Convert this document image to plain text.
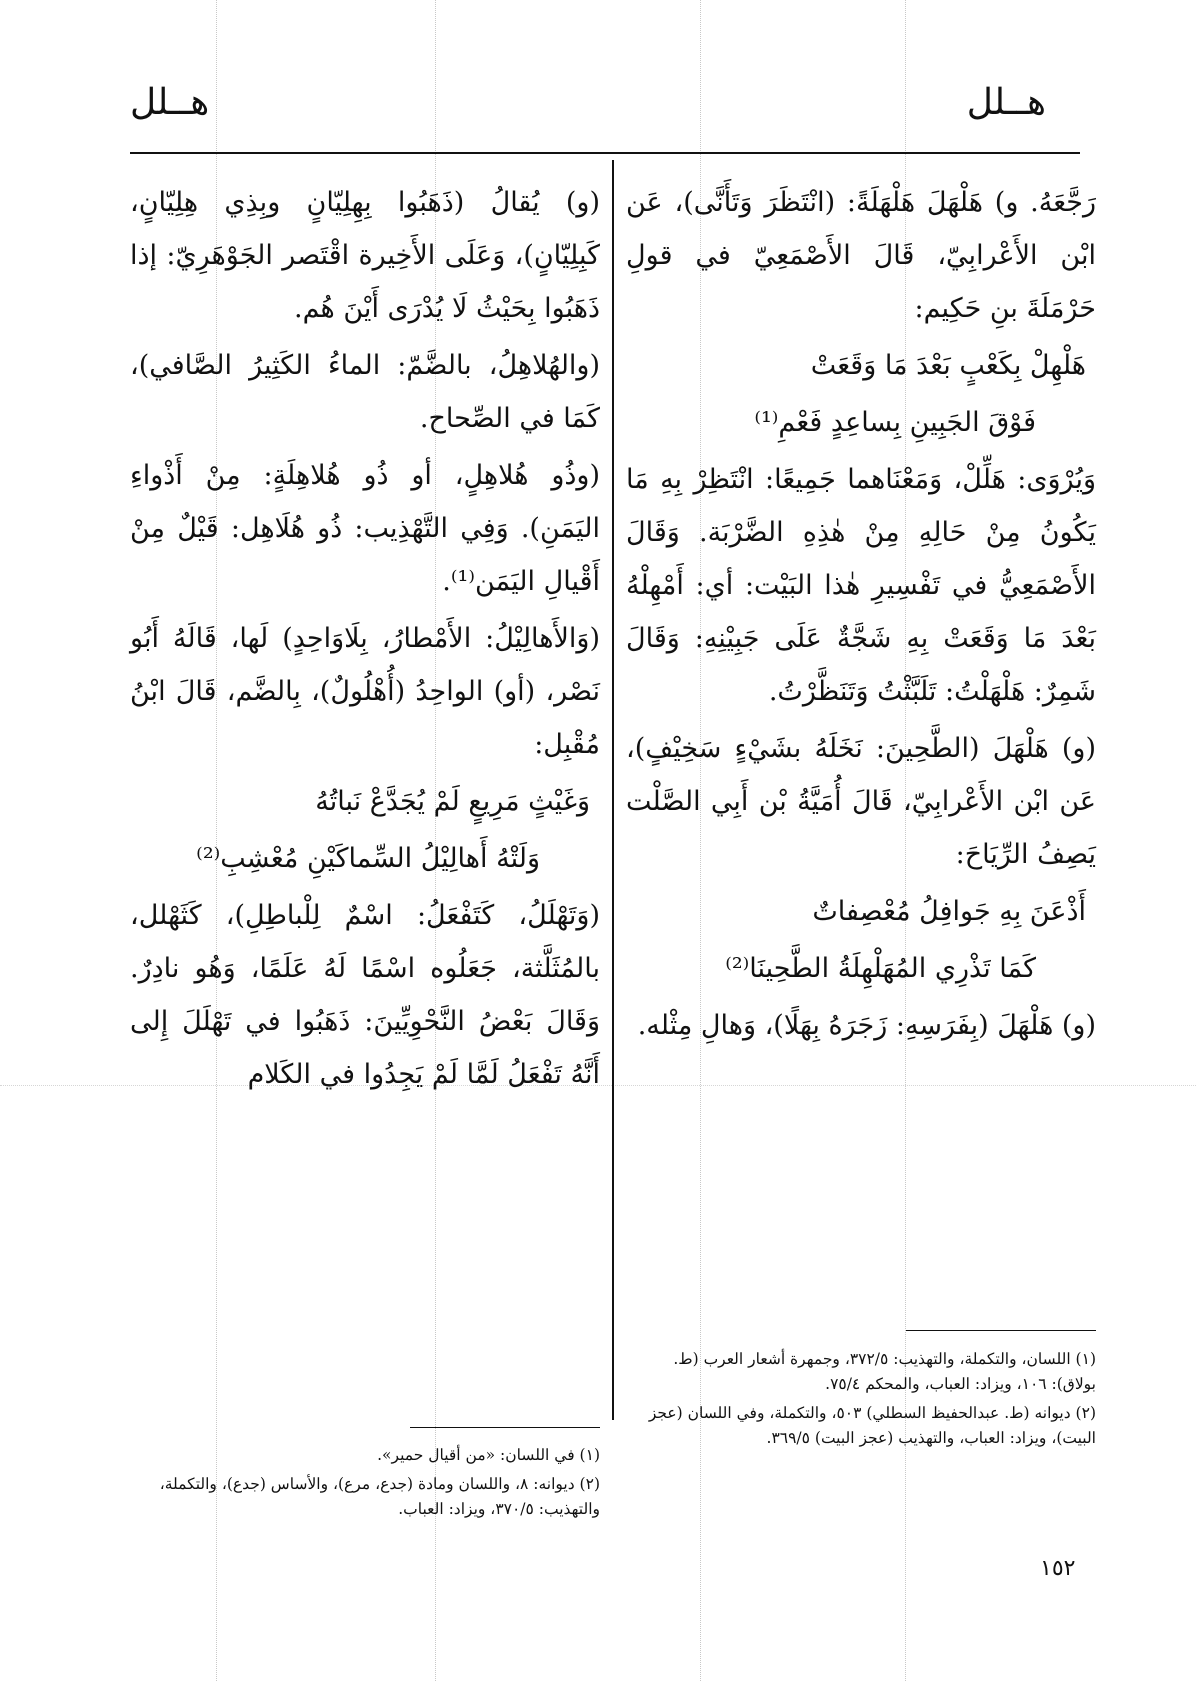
هــلل	هــلل

رَجَّعَهُ. و) هَلْهَلَ هَلْهَلَةً: (انْتَظَرَ وَتَأَنَّى)، عَن ابْن الأَعْرابِيّ، قَالَ الأَصْمَعِيّ في قولِ حَرْمَلَةَ بنِ حَكِيم:

هَلْهِلْ بِكَعْبٍ بَعْدَ مَا وَقَعَتْ

فَوْقَ الجَبِينِ بِساعِدٍ فَعْمِ⁽¹⁾

وَيُرْوَى: هَلِّلْ، وَمَعْنَاهما جَمِيعًا: انْتَظِرْ بِهِ مَا يَكُونُ مِنْ حَالِهِ مِنْ هٰذِهِ الضَّرْبَة. وَقَالَ الأَصْمَعِيُّ في تَفْسِيرِ هٰذا البَيْت: أي: أَمْهِلْهُ بَعْدَ مَا وَقَعَتْ بِهِ شَجَّةٌ عَلَى جَبِيْنِهِ: وَقَالَ شَمِرٌ: هَلْهَلْتُ: تَلَبَّثْتُ وَتَنَظَّرْتُ.

(و) هَلْهَلَ (الطَّحِينَ: نَخَلَهُ بشَيْءٍ سَخِيْفٍ)، عَن ابْن الأَعْرابِيّ، قَالَ أُمَيَّةُ بْن أَبِي الصَّلْت يَصِفُ الرِّيَاحَ:

أَذْعَنَ بِهِ جَوافِلُ مُعْصِفاتٌ

كَمَا تَذْرِي المُهَلْهِلَةُ الطَّحِينَا⁽²⁾

(و) هَلْهَلَ (بِفَرَسِهِ: زَجَرَهُ بِهَلًا)، وَهالِ مِثْله.

(و) يُقالُ (ذَهَبُوا بِهِلِيّانٍ وبِذِي هِلِيّانٍ، كَبِلِيّانٍ)، وَعَلَى الأَخِيرة اقْتَصر الجَوْهَرِيّ: إذا ذَهَبُوا بِحَيْثُ لَا يُدْرَى أَيْنَ هُم.

(والهُلاهِلُ، بالضَّمّ: الماءُ الكَثِيرُ الصَّافي)، كَمَا في الصِّحاح.

(وذُو هُلاهِلٍ، أو ذُو هُلاهِلَةٍ: مِنْ أَذْواءِ اليَمَنِ). وَفِي التَّهْذِيب: ذُو هُلَاهِل: قَيْلٌ مِنْ أَقْيالِ اليَمَن⁽¹⁾.

(وَالأَهالِيْلُ: الأَمْطارُ، بِلَاوَاحِدٍ) لَها، قَالَهُ أَبُو نَصْر، (أو) الواحِدُ (أُهْلُولٌ)، بِالضَّم، قَالَ ابْنُ مُقْبِل:

وَغَيْثٍ مَرِيعٍ لَمْ يُجَدَّعْ نَباتُهُ

وَلَتْهُ أَهالِيْلُ السِّماكَيْنِ مُعْشِبِ⁽²⁾

(وَتَهْلَلُ، كَتَفْعَلُ: اسْمٌ لِلْباطِلِ)، كَثَهْلل، بالمُثَلَّثة، جَعَلُوه اسْمًا لَهُ عَلَمًا، وَهُو نادِرٌ. وَقَالَ بَعْضُ النَّحْوِيِّينَ: ذَهَبُوا في تَهْلَلَ إِلى أَنَّهُ تَفْعَلُ لَمَّا لَمْ يَجِدُوا في الكَلام

(١) اللسان، والتكملة، والتهذيب: ٣٧٢/٥، وجمهرة أشعار العرب (ط. بولاق): ١٠٦، ويزاد: العباب، والمحكم ٧٥/٤.

(٢) ديوانه (ط. عبدالحفيظ السطلي) ٥٠٣، والتكملة، وفي اللسان (عجز البيت)، ويزاد: العباب، والتهذيب (عجز البيت) ٣٦٩/٥.

(١) في اللسان: «من أقيال حمير».

(٢) ديوانه: ٨، واللسان ومادة (جدع، مرع)، والأساس (جدع)، والتكملة، والتهذيب: ٣٧٠/٥، ويزاد: العباب.

١٥٢
